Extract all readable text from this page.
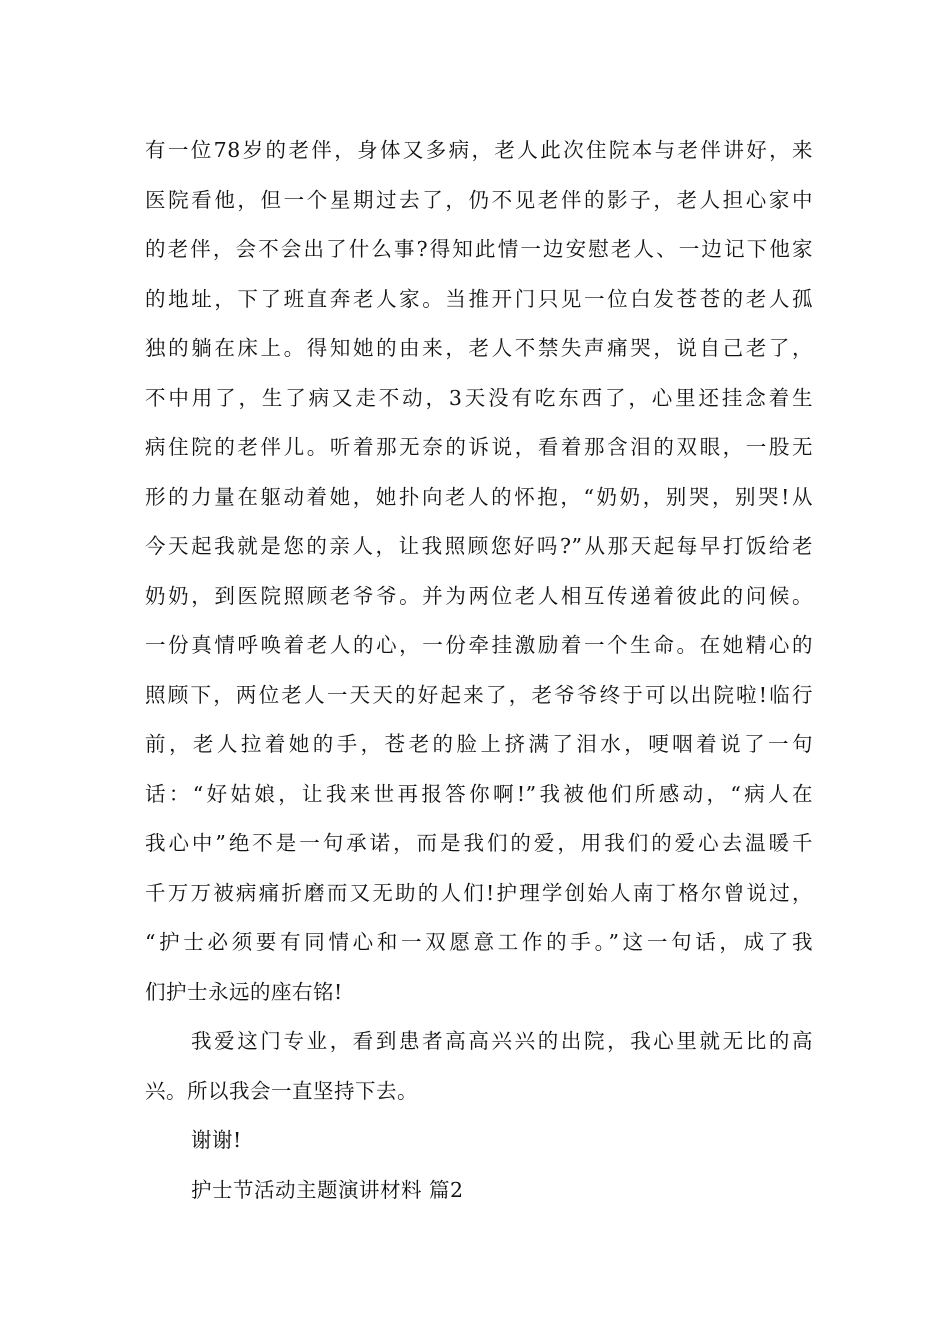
有一位78岁的老伴，身体又多病，老人此次住院本与老伴讲好，来
医院看他，但一个星期过去了，仍不见老伴的影子，老人担心家中
的老伴，会不会出了什么事?得知此情一边安慰老人、一边记下他家
的地址，下了班直奔老人家。当推开门只见一位白发苍苍的老人孤
独的躺在床上。得知她的由来，老人不禁失声痛哭，说自己老了，
不中用了，生了病又走不动，3天没有吃东西了，心里还挂念着生
病住院的老伴儿。听着那无奈的诉说，看着那含泪的双眼，一股无
形的力量在躯动着她，她扑向老人的怀抱，“奶奶，别哭，别哭!从
今天起我就是您的亲人，让我照顾您好吗?”从那天起每早打饭给老
奶奶，到医院照顾老爷爷。并为两位老人相互传递着彼此的问候。
一份真情呼唤着老人的心，一份牵挂激励着一个生命。在她精心的
照顾下，两位老人一天天的好起来了，老爷爷终于可以出院啦!临行
前，老人拉着她的手，苍老的脸上挤满了泪水，哽咽着说了一句
话：“好姑娘，让我来世再报答你啊!”我被他们所感动，“病人在
我心中”绝不是一句承诺，而是我们的爱，用我们的爱心去温暖千
千万万被病痛折磨而又无助的人们!护理学创始人南丁格尔曾说过，
“护士必须要有同情心和一双愿意工作的手。”这一句话，成了我
们护士永远的座右铭!
我爱这门专业，看到患者高高兴兴的出院，我心里就无比的高
兴。所以我会一直坚持下去。
谢谢!
护士节活动主题演讲材料 篇2
